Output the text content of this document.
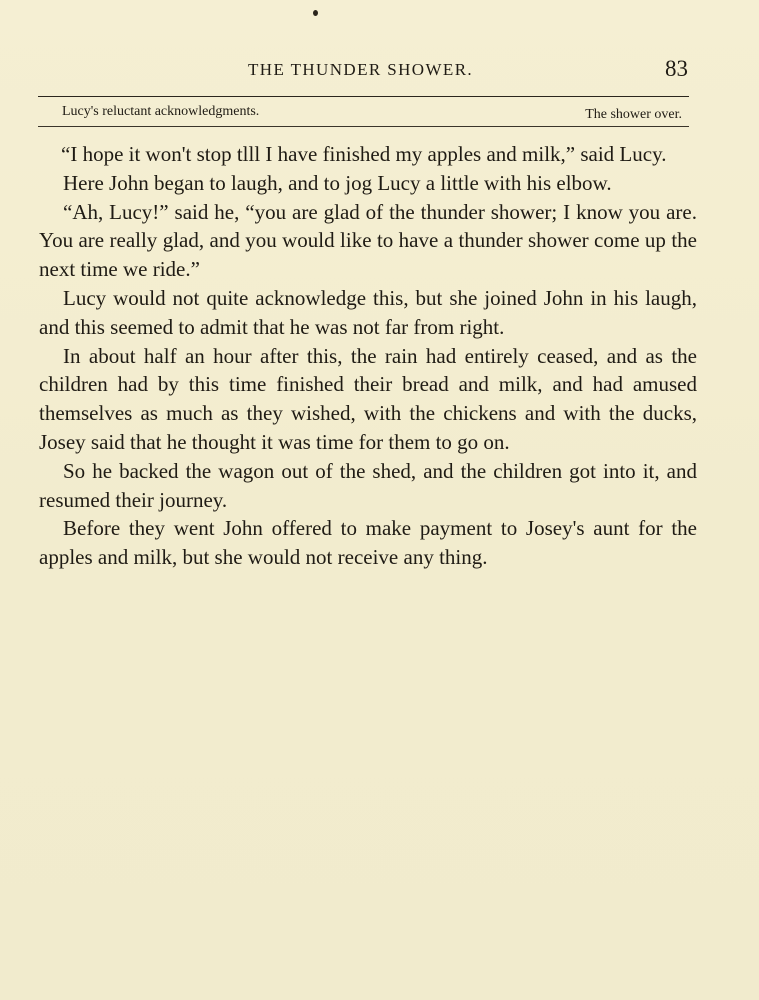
THE THUNDER SHOWER.	83
Lucy's reluctant acknowledgments.	The shower over.

“I hope it won't stop tlll I have finished my apples and milk,” said Lucy.

Here John began to laugh, and to jog Lucy a little with his elbow.

“Ah, Lucy!” said he, “you are glad of the thunder shower; I know you are. You are really glad, and you would like to have a thunder shower come up the next time we ride.”

Lucy would not quite acknowledge this, but she joined John in his laugh, and this seemed to admit that he was not far from right.

In about half an hour after this, the rain had entirely ceased, and as the children had by this time finished their bread and milk, and had amused themselves as much as they wished, with the chickens and with the ducks, Josey said that he thought it was time for them to go on.

So he backed the wagon out of the shed, and the children got into it, and resumed their journey.

Before they went John offered to make payment to Josey's aunt for the apples and milk, but she would not receive any thing.
